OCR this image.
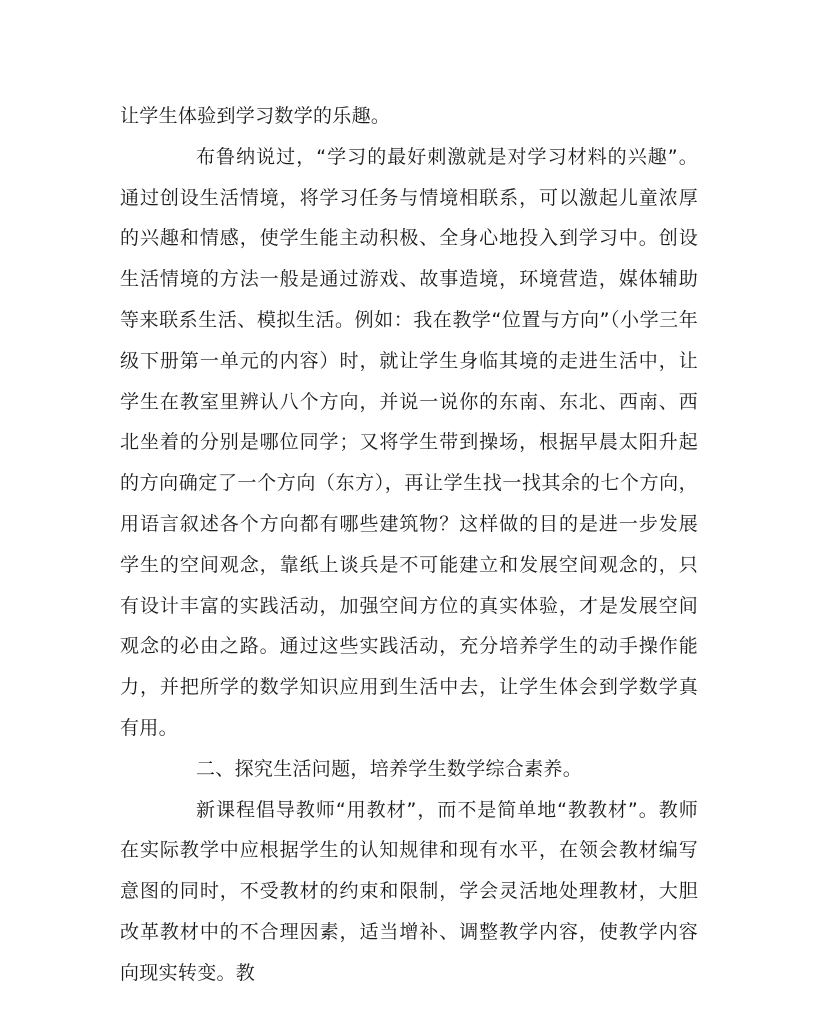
让学生体验到学习数学的乐趣。

布鲁纳说过，“学习的最好刺激就是对学习材料的兴趣”。通过创设生活情境，将学习任务与情境相联系，可以激起儿童浓厚的兴趣和情感，使学生能主动积极、全身心地投入到学习中。创设生活情境的方法一般是通过游戏、故事造境，环境营造，媒体辅助等来联系生活、模拟生活。例如：我在教学“位置与方向”（小学三年级下册第一单元的内容）时，就让学生身临其境的走进生活中，让学生在教室里辨认八个方向，并说一说你的东南、东北、西南、西北坐着的分别是哪位同学；又将学生带到操场，根据早晨太阳升起的方向确定了一个方向（东方），再让学生找一找其余的七个方向，用语言叙述各个方向都有哪些建筑物？这样做的目的是进一步发展学生的空间观念，靠纸上谈兵是不可能建立和发展空间观念的，只有设计丰富的实践活动，加强空间方位的真实体验，才是发展空间观念的必由之路。通过这些实践活动，充分培养学生的动手操作能力，并把所学的数学知识应用到生活中去，让学生体会到学数学真有用。

二、探究生活问题，培养学生数学综合素养。

新课程倡导教师“用教材”，而不是简单地“教教材”。教师在实际教学中应根据学生的认知规律和现有水平，在领会教材编写意图的同时，不受教材的约束和限制，学会灵活地处理教材，大胆改革教材中的不合理因素，适当增补、调整教学内容，使教学内容向现实转变。教
